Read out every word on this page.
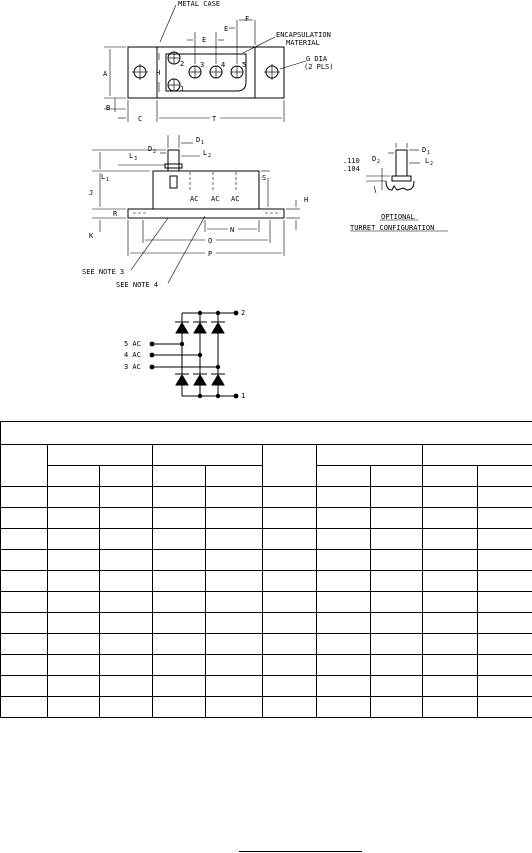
A
B
C	T
E
E
F
H
1
2 3 4 5
METAL CASE
ENCAPSULATION
MATERIAL
G DIA
(2 PLS)
J
K
R
L 1
L 3
D 2
D 1
L 2
S
H
N
O
P
AC AC AC
SEE NOTE 3
SEE NOTE 4
.110
.104
D 2
D 1
L 2
OPTIONAL
TURRET CONFIGURATION
2
5 AC
4 AC
3 AC
1
